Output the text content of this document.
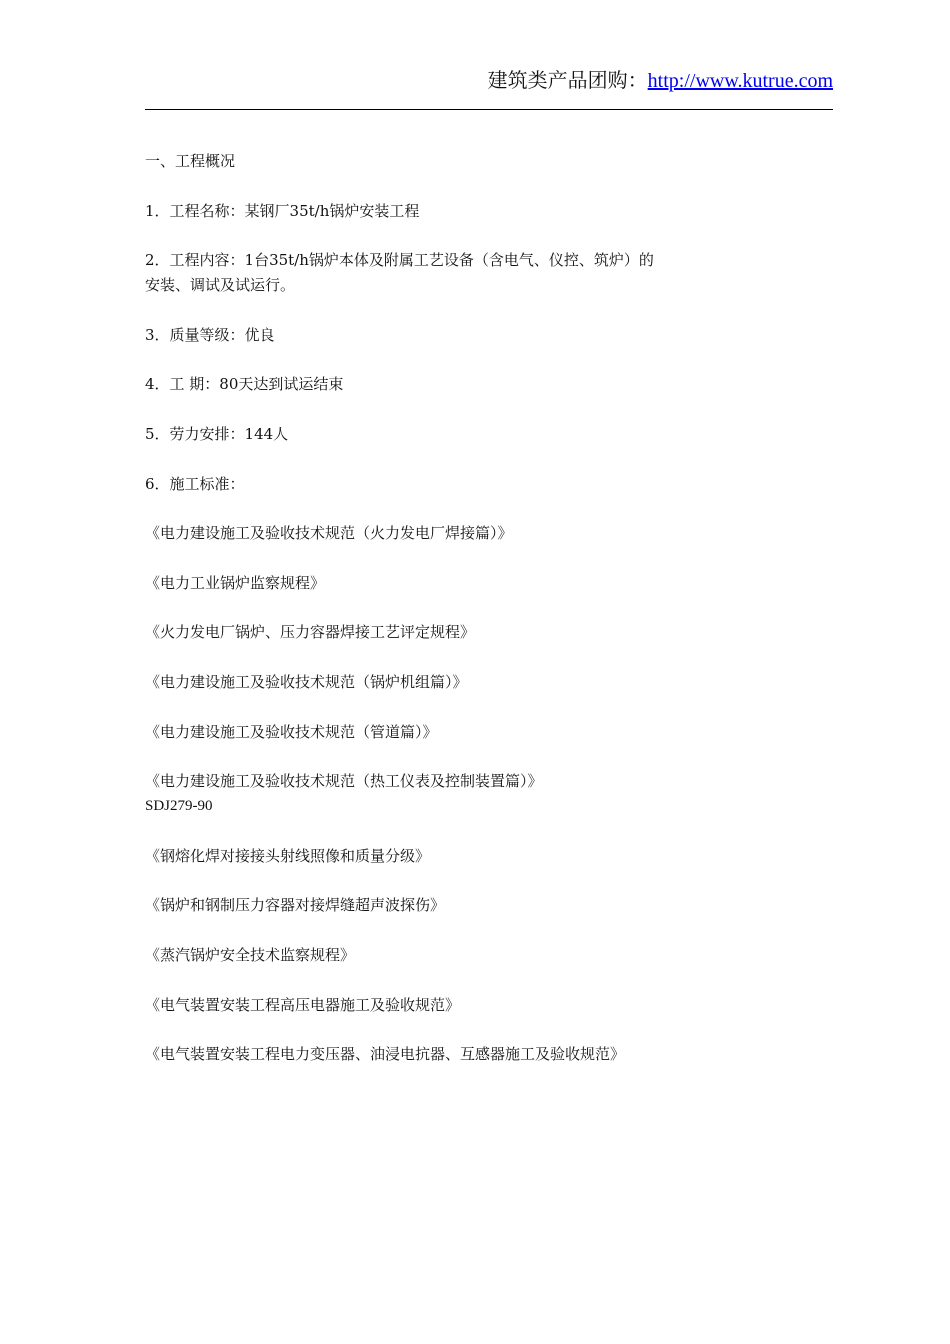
建筑类产品团购：http://www.kutrue.com

一、工程概况

1．工程名称：某钢厂35t/h锅炉安装工程

2．工程内容：1台35t/h锅炉本体及附属工艺设备（含电气、仪控、筑炉）的安装、调试及试运行。

3．质量等级：优良

4．工 期：80天达到试运结束

5．劳力安排：144人

6．施工标准：

《电力建设施工及验收技术规范（火力发电厂焊接篇）》

《电力工业锅炉监察规程》

《火力发电厂锅炉、压力容器焊接工艺评定规程》

《电力建设施工及验收技术规范（锅炉机组篇）》

《电力建设施工及验收技术规范（管道篇）》

《电力建设施工及验收技术规范（热工仪表及控制装置篇）》

SDJ279-90

《钢熔化焊对接接头射线照像和质量分级》

《锅炉和钢制压力容器对接焊缝超声波探伤》

《蒸汽锅炉安全技术监察规程》

《电气装置安装工程高压电器施工及验收规范》

《电气装置安装工程电力变压器、油浸电抗器、互感器施工及验收规范》
